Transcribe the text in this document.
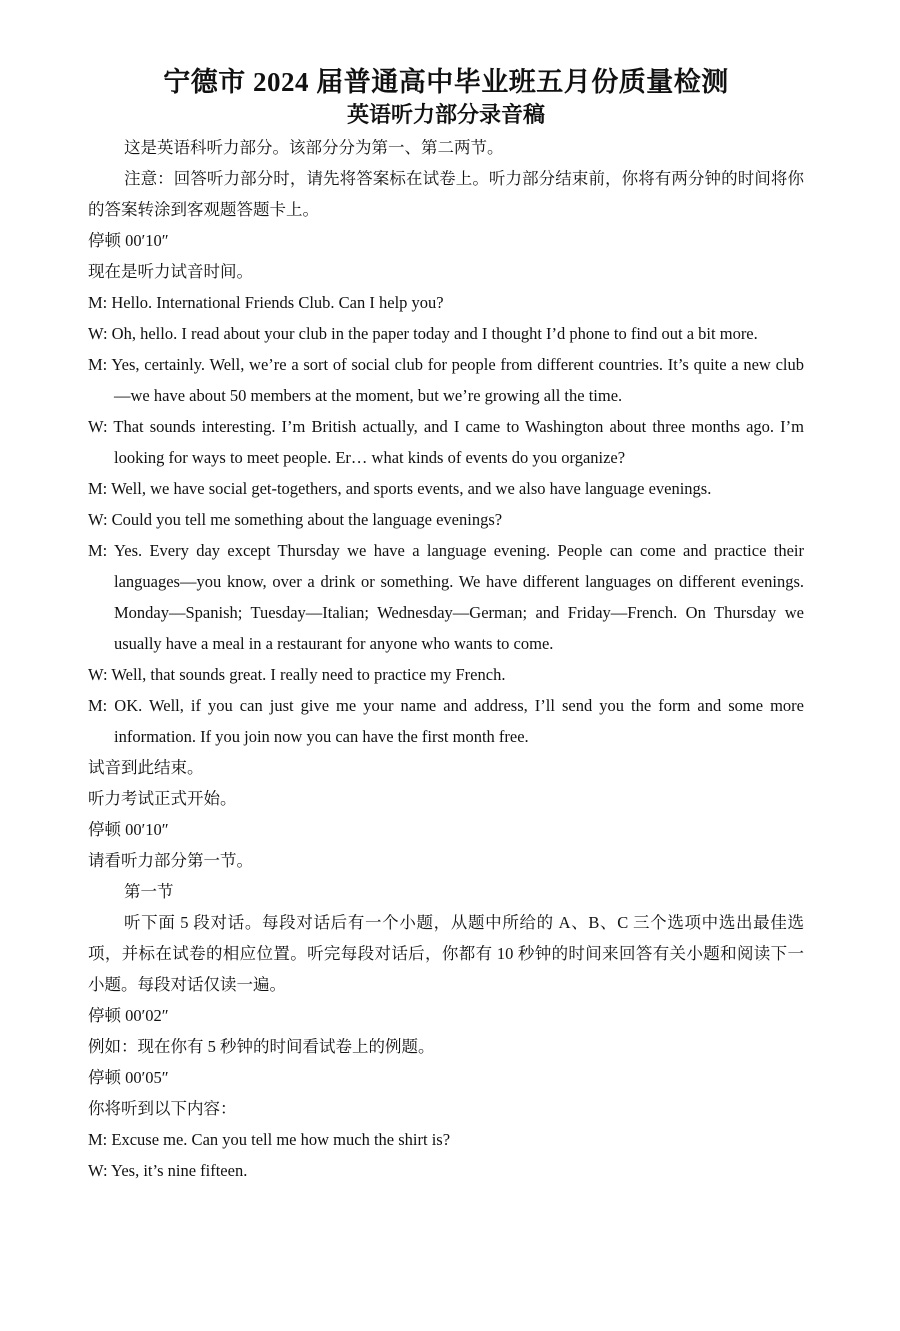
宁德市 2024 届普通高中毕业班五月份质量检测
英语听力部分录音稿

这是英语科听力部分。该部分分为第一、第二两节。

注意：回答听力部分时，请先将答案标在试卷上。听力部分结束前，你将有两分钟的时间将你的答案转涂到客观题答题卡上。

停顿 00′10″

现在是听力试音时间。

M: Hello. International Friends Club. Can I help you?

W: Oh, hello. I read about your club in the paper today and I thought I’d phone to find out a bit more.

M: Yes, certainly. Well, we’re a sort of social club for people from different countries. It’s quite a new club—we have about 50 members at the moment, but we’re growing all the time.

W: That sounds interesting. I’m British actually, and I came to Washington about three months ago. I’m looking for ways to meet people. Er… what kinds of events do you organize?

M: Well, we have social get-togethers, and sports events, and we also have language evenings.

W: Could you tell me something about the language evenings?

M: Yes. Every day except Thursday we have a language evening. People can come and practice their languages—you know, over a drink or something. We have different languages on different evenings. Monday—Spanish; Tuesday—Italian; Wednesday—German; and Friday—French. On Thursday we usually have a meal in a restaurant for anyone who wants to come.

W: Well, that sounds great. I really need to practice my French.

M: OK. Well, if you can just give me your name and address, I’ll send you the form and some more information. If you join now you can have the first month free.

试音到此结束。

听力考试正式开始。

停顿 00′10″

请看听力部分第一节。

第一节

听下面 5 段对话。每段对话后有一个小题，从题中所给的 A、B、C 三个选项中选出最佳选项，并标在试卷的相应位置。听完每段对话后，你都有 10 秒钟的时间来回答有关小题和阅读下一小题。每段对话仅读一遍。

停顿 00′02″

例如：现在你有 5 秒钟的时间看试卷上的例题。

停顿 00′05″

你将听到以下内容：

M: Excuse me. Can you tell me how much the shirt is?

W: Yes, it’s nine fifteen.
